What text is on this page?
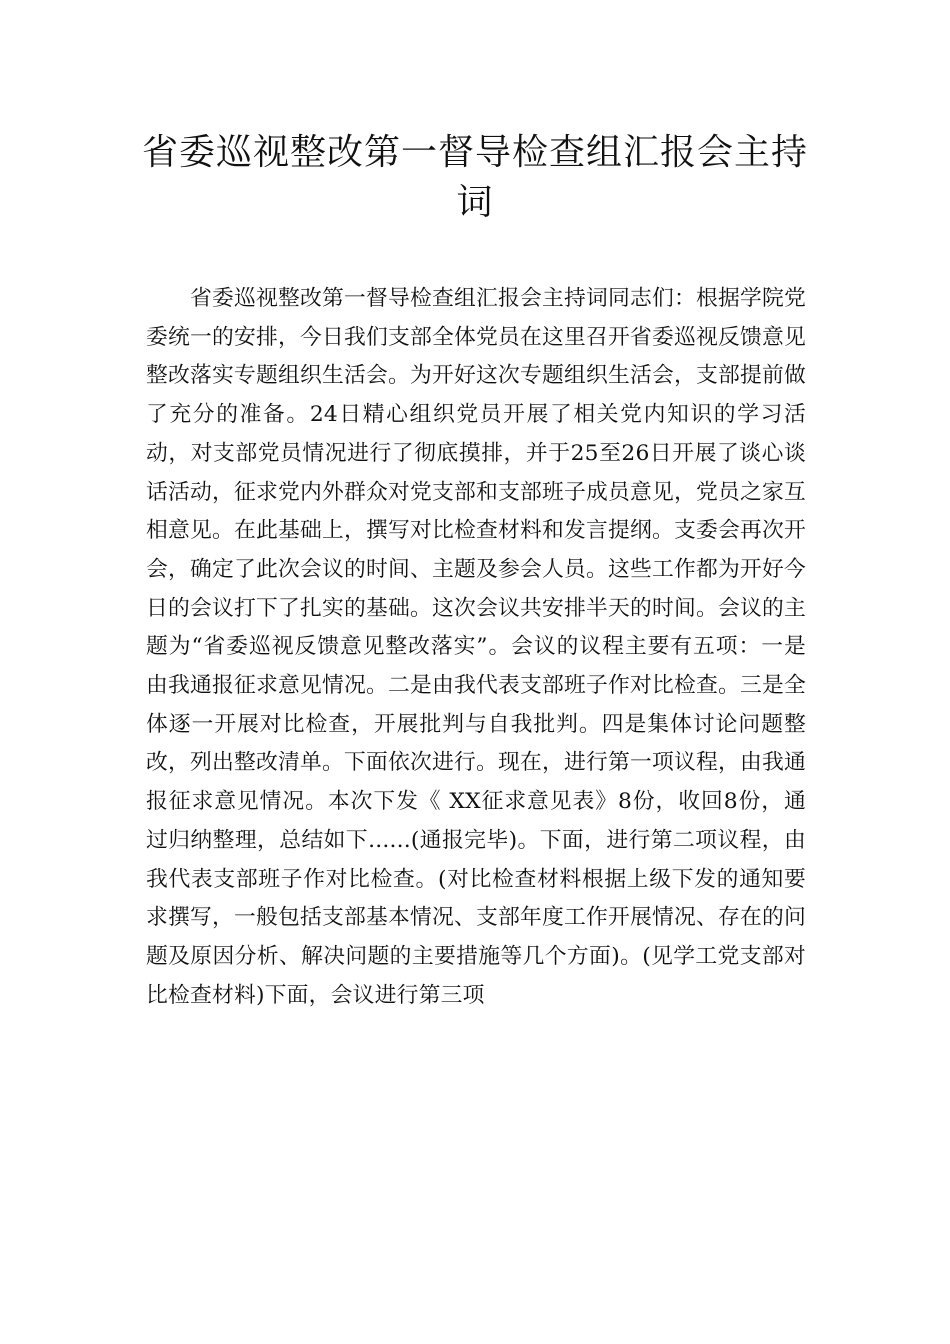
省委巡视整改第一督导检查组汇报会主持词

省委巡视整改第一督导检查组汇报会主持词同志们：根据学院党委统一的安排，今日我们支部全体党员在这里召开省委巡视反馈意见整改落实专题组织生活会。为开好这次专题组织生活会，支部提前做了充分的准备。24日精心组织党员开展了相关党内知识的学习活动，对支部党员情况进行了彻底摸排，并于25至26日开展了谈心谈话活动，征求党内外群众对党支部和支部班子成员意见，党员之家互相意见。在此基础上，撰写对比检查材料和发言提纲。支委会再次开会，确定了此次会议的时间、主题及参会人员。这些工作都为开好今日的会议打下了扎实的基础。这次会议共安排半天的时间。会议的主题为“省委巡视反馈意见整改落实”。会议的议程主要有五项：一是由我通报征求意见情况。二是由我代表支部班子作对比检查。三是全体逐一开展对比检查，开展批判与自我批判。四是集体讨论问题整改，列出整改清单。下面依次进行。现在，进行第一项议程，由我通报征求意见情况。本次下发《 XX征求意见表》8份，收回8份，通过归纳整理，总结如下......(通报完毕)。下面，进行第二项议程，由我代表支部班子作对比检查。(对比检查材料根据上级下发的通知要求撰写，一般包括支部基本情况、支部年度工作开展情况、存在的问题及原因分析、解决问题的主要措施等几个方面)。(见学工党支部对比检查材料)下面，会议进行第三项
